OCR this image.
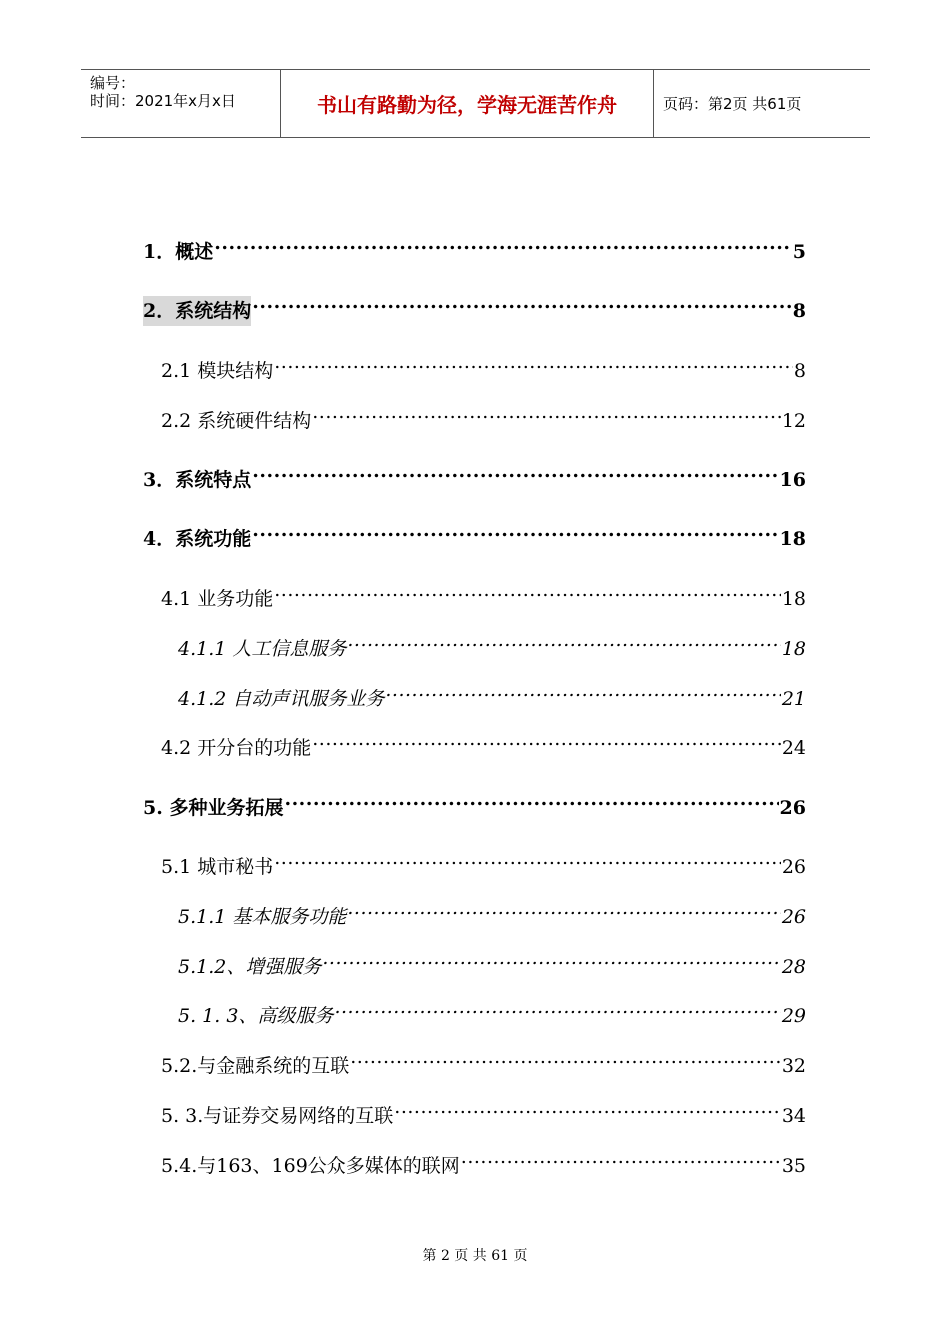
编号：
时间：2021年x月x日	书山有路勤为径，学海无涯苦作舟	页码：第2页 共61页
1．概述 .....	5
2．系统结构 .....	8
2.1 模块结构 .....	8
2.2 系统硬件结构 .....	12
3．系统特点 .....	16
4．系统功能 .....	18
4.1 业务功能 .....	18
4.1.1 人工信息服务 .....	18
4.1.2 自动声讯服务业务 .....	21
4.2 开分台的功能 .....	24
5. 多种业务拓展 .....	26
5.1 城市秘书 .....	26
5.1.1 基本服务功能 .....	26
5.1.2、增强服务 .....	28
5. 1. 3、高级服务 .....	29
5.2.与金融系统的互联 .....	32
5. 3.与证券交易网络的互联 .....	34
5.4.与163、169公众多媒体的联网 .....	35
第 2 页 共 61 页
